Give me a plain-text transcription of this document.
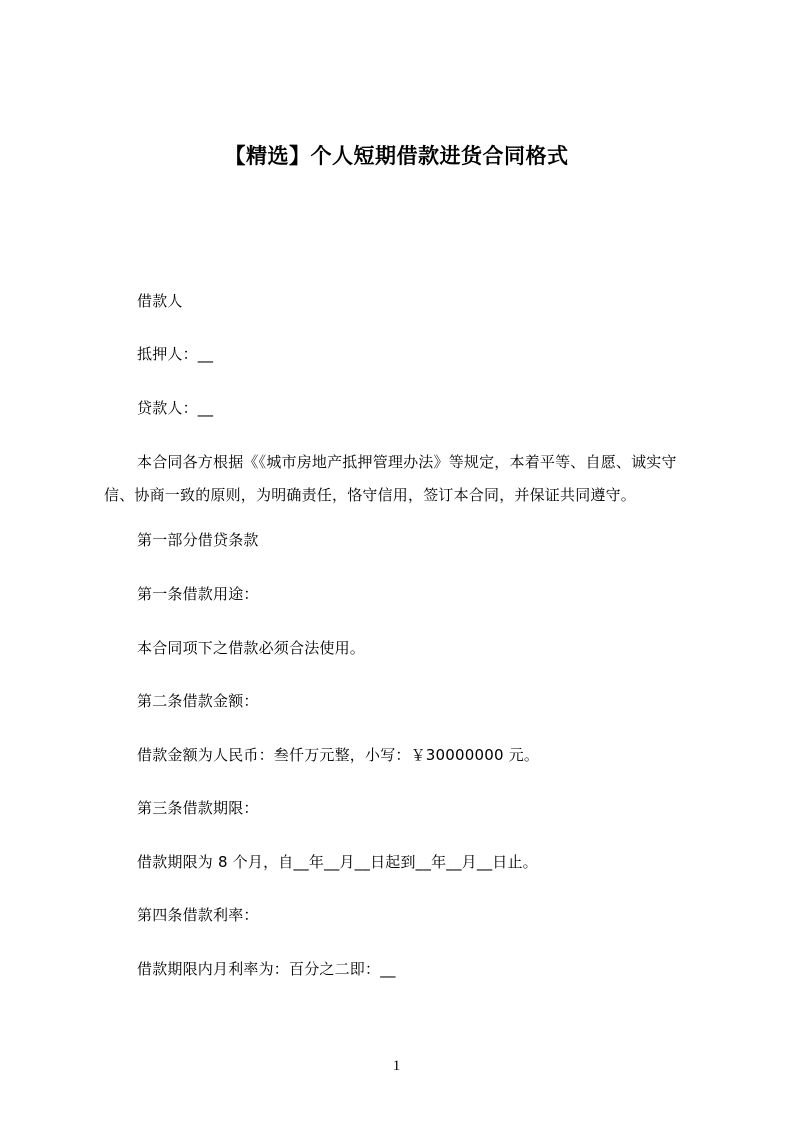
【精选】个人短期借款进货合同格式
借款人
抵押人：__
贷款人：__
本合同各方根据《《城市房地产抵押管理办法》等规定，本着平等、自愿、诚实守信、协商一致的原则，为明确责任，恪守信用，签订本合同，并保证共同遵守。
第一部分借贷条款
第一条借款用途：
本合同项下之借款必须合法使用。
第二条借款金额：
借款金额为人民币：叁仟万元整，小写：￥30000000 元。
第三条借款期限：
借款期限为 8 个月，自__年__月__日起到__年__月__日止。
第四条借款利率：
借款期限内月利率为：百分之二即：__
1
